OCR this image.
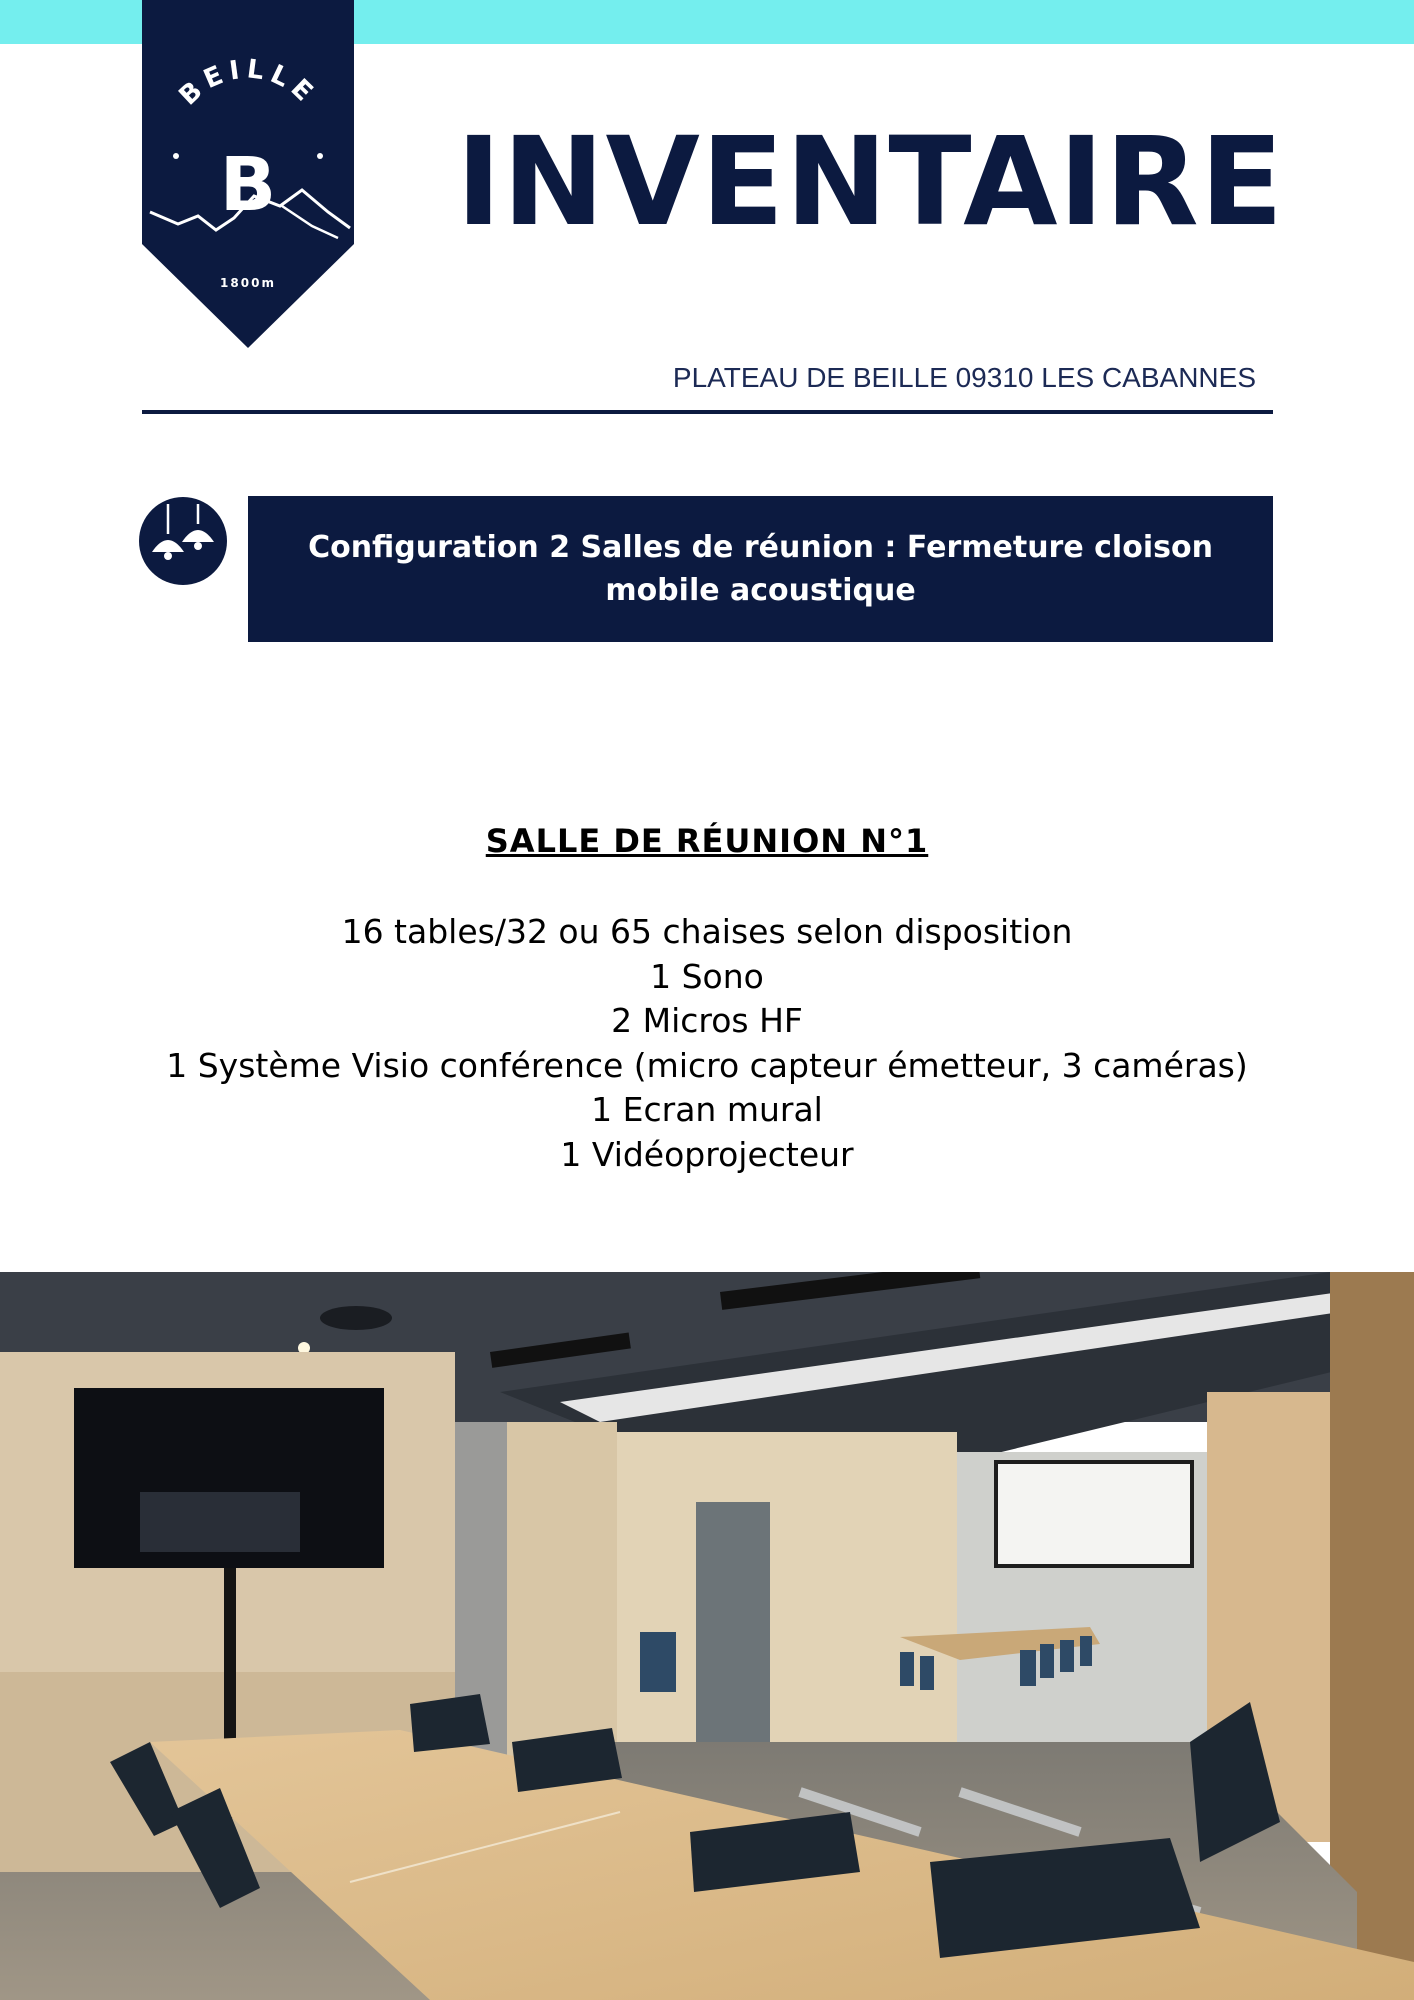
BEILLE
B
1800m
INVENTAIRE
PLATEAU DE BEILLE 09310 LES CABANNES
Configuration 2 Salles de réunion : Fermeture cloison mobile acoustique
SALLE DE RÉUNION N°1
16 tables/32 ou 65 chaises selon disposition
1 Sono
2 Micros HF
1 Système Visio conférence (micro capteur émetteur, 3 caméras)
1 Ecran mural
1 Vidéoprojecteur
